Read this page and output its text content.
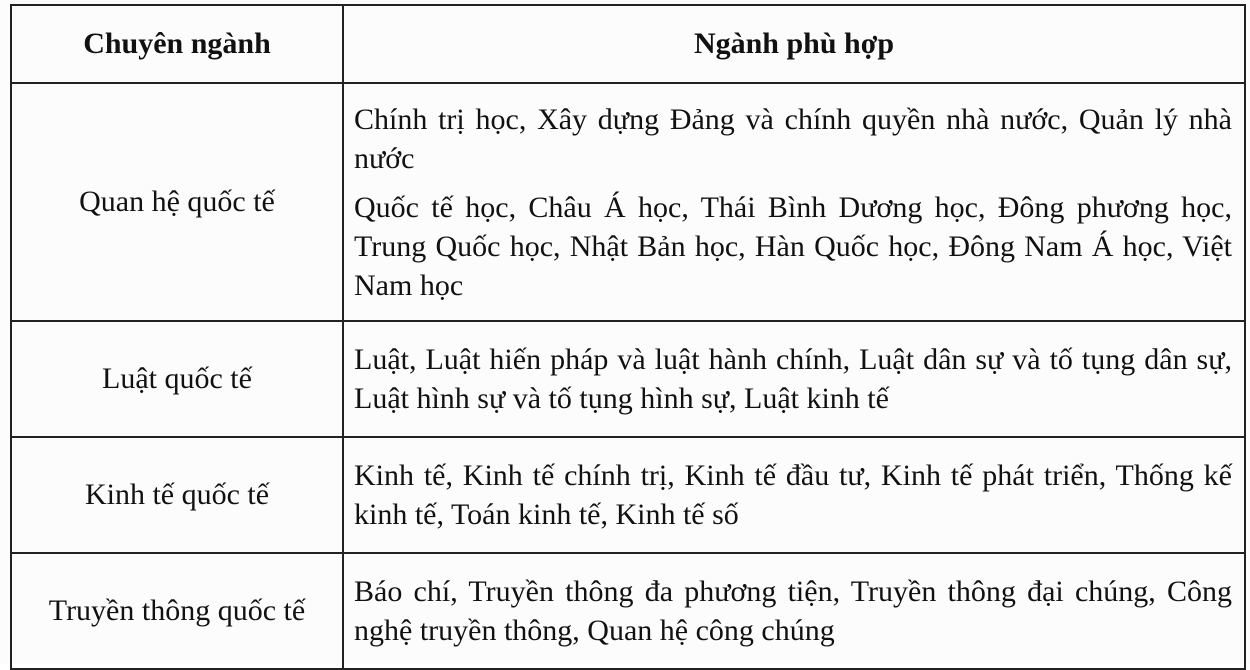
Chuyên ngành	Ngành phù hợp
Quan hệ quốc tế	Chính trị học, Xây dựng Đảng và chính quyền nhà nước, Quản lý nhà nước

Quốc tế học, Châu Á học, Thái Bình Dương học, Đông phương học, Trung Quốc học, Nhật Bản học, Hàn Quốc học, Đông Nam Á học, Việt Nam học

Luật quốc tế	Luật, Luật hiến pháp và luật hành chính, Luật dân sự và tố tụng dân sự, Luật hình sự và tố tụng hình sự, Luật kinh tế

Kinh tế quốc tế	Kinh tế, Kinh tế chính trị, Kinh tế đầu tư, Kinh tế phát triển, Thống kế kinh tế, Toán kinh tế, Kinh tế số

Truyền thông quốc tế	Báo chí, Truyền thông đa phương tiện, Truyền thông đại chúng, Công nghệ truyền thông, Quan hệ công chúng
